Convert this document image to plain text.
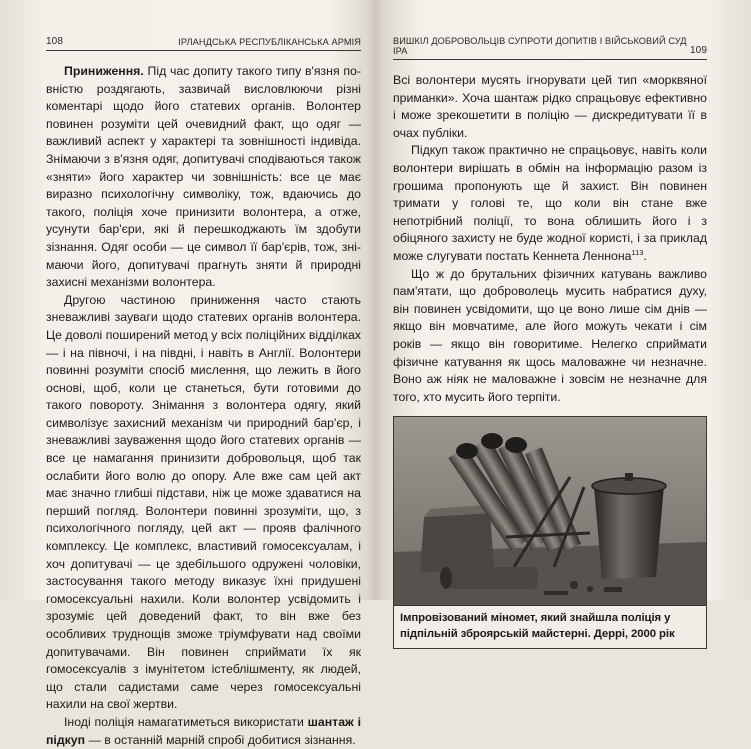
108	ІРЛАНДСЬКА РЕСПУБЛІКАНСЬКА АРМІЯ

Приниження. Під час допиту такого типу в'язня повністю роздягають, зазвичай висловлюючи різні коментарі щодо його статевих органів. Волонтер повинен розуміти цей очевидний факт, що одяг — важливий аспект у характері та зовнішності індивіда. Знімаючи з в'язня одяг, допитувачі сподіваються також «зняти» його характер чи зовнішність: все це має виразно психологічну символіку, тож, вдаючись до такого, поліція хоче принизити волонтера, а отже, усунути бар'єри, які й перешкоджають їм здобути зізнання. Одяг особи — це символ її бар'єрів, тож, знімаючи його, допитувачі прагнуть зняти й природні захисні механізми волонтера.

Другою частиною приниження часто стають зневажливі зауваги щодо статевих органів волонтера. Це доволі поширений метод у всіх поліційних відділках — і на півночі, і на півдні, і навіть в Англії. Волонтери повинні розуміти спосіб мислення, що лежить в його основі, щоб, коли це станеться, бути готовими до такого повороту. Знімання з волонтера одягу, який символізує захисний механізм чи природний бар'єр, і зневажливі зауваження щодо його статевих органів — все це намагання принизити добровольця, щоб так ослабити його волю до опору. Але вже сам цей акт має значно глибші підстави, ніж це може здаватися на перший погляд. Волонтери повинні зрозуміти, що, з психологічного погляду, цей акт — прояв фалічного комплексу. Це комплекс, властивий гомосексуалам, і хоч допитувачі — це здебільшого одружені чоловіки, застосування такого методу виказує їхні придушені гомосексуальні нахили. Коли волонтер усвідомить і зрозуміє цей доведений факт, то він вже без особливих труднощів зможе тріумфувати над своїми допитувачами. Він повинен сприймати їх як гомосексуалів з імунітетом істеблішменту, як людей, що стали садистами саме через гомосексуальні нахили на свої жертви.

Іноді поліція намагатиметься використати шантаж і підкуп — в останній марній спробі добитися зізнання.

ВИШКІЛ ДОБРОВОЛЬЦІВ СУПРОТИ ДОПИТІВ І ВІЙСЬКОВИЙ СУД ІРА	109

Всі волонтери мусять ігнорувати цей тип «морквяної приманки». Хоча шантаж рідко спрацьовує ефективно і може зрекошетити в поліцію — дискредитувати її в очах публіки.

Підкуп також практично не спрацьовує, навіть коли волонтери вирішать в обмін на інформацію разом із грошима пропонують ще й захист. Він повинен тримати у голові те, що коли він стане вже непотрібний поліції, то вона облишить його і з обіцяного захисту не буде жодної користі, і за приклад може слугувати постать Кеннета Леннона$^{113}$.

Що ж до брутальних фізичних катувань важливо пам'ятати, що доброволець мусить набратися духу, він повинен усвідомити, що це воно лише сім днів — якщо він мовчатиме, але його можуть чекати і сім років — якщо він говоритиме. Нелегко сприймати фізичне катування як щось маловажне чи незначне. Воно аж ніяк не маловажне і зовсім не незначне для того, хто мусить його терпіти.

Імпровізований міномет, який знайшла поліція у підпільній зброярській майстерні. Деррі, 2000 рік
